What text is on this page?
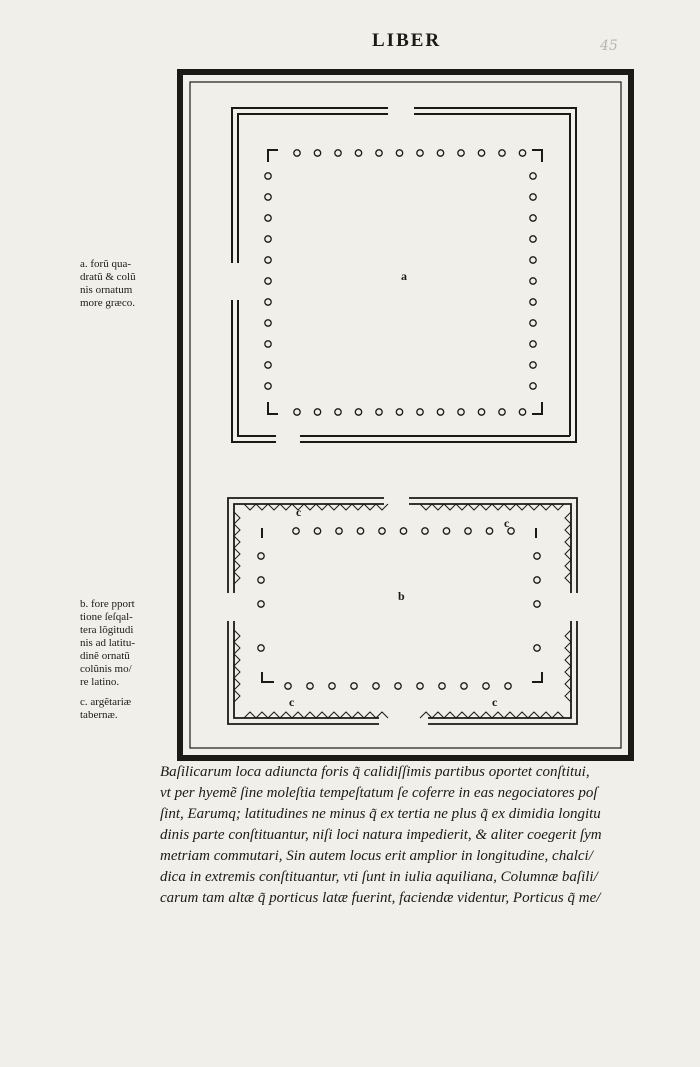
LIBER	45
a. forũ qua-
dratũ & colũ
nis ornatum
more græco.
b. fore pport
tione ſeſqal-
tera lõgitudi
nis ad latitu-
dinẽ ornatũ
colũnis mo/
re latino.
c. argẽtariæ
tabernæ.
a
b
c
c
c	c
Baſilicarum loca adiuncta foris q̃ calidiſſimis partibus oportet conſtitui,
vt per hyemẽ ſine moleſtia tempeſtatum ſe coferre in eas negociatores poſ
ſint, Earumq; latitudines ne minus q̃ ex tertia ne plus q̃ ex dimidia longitu
dinis parte conſtituantur, niſi loci natura impedierit, & aliter coegerit ſym
metriam commutari, Sin autem locus erit amplior in longitudine, chalci/
dica in extremis conſtituantur, vti ſunt in iulia aquiliana, Columnæ baſili/
carum tam altæ q̃ porticus latæ fuerint, faciendæ videntur, Porticus q̃ me/
